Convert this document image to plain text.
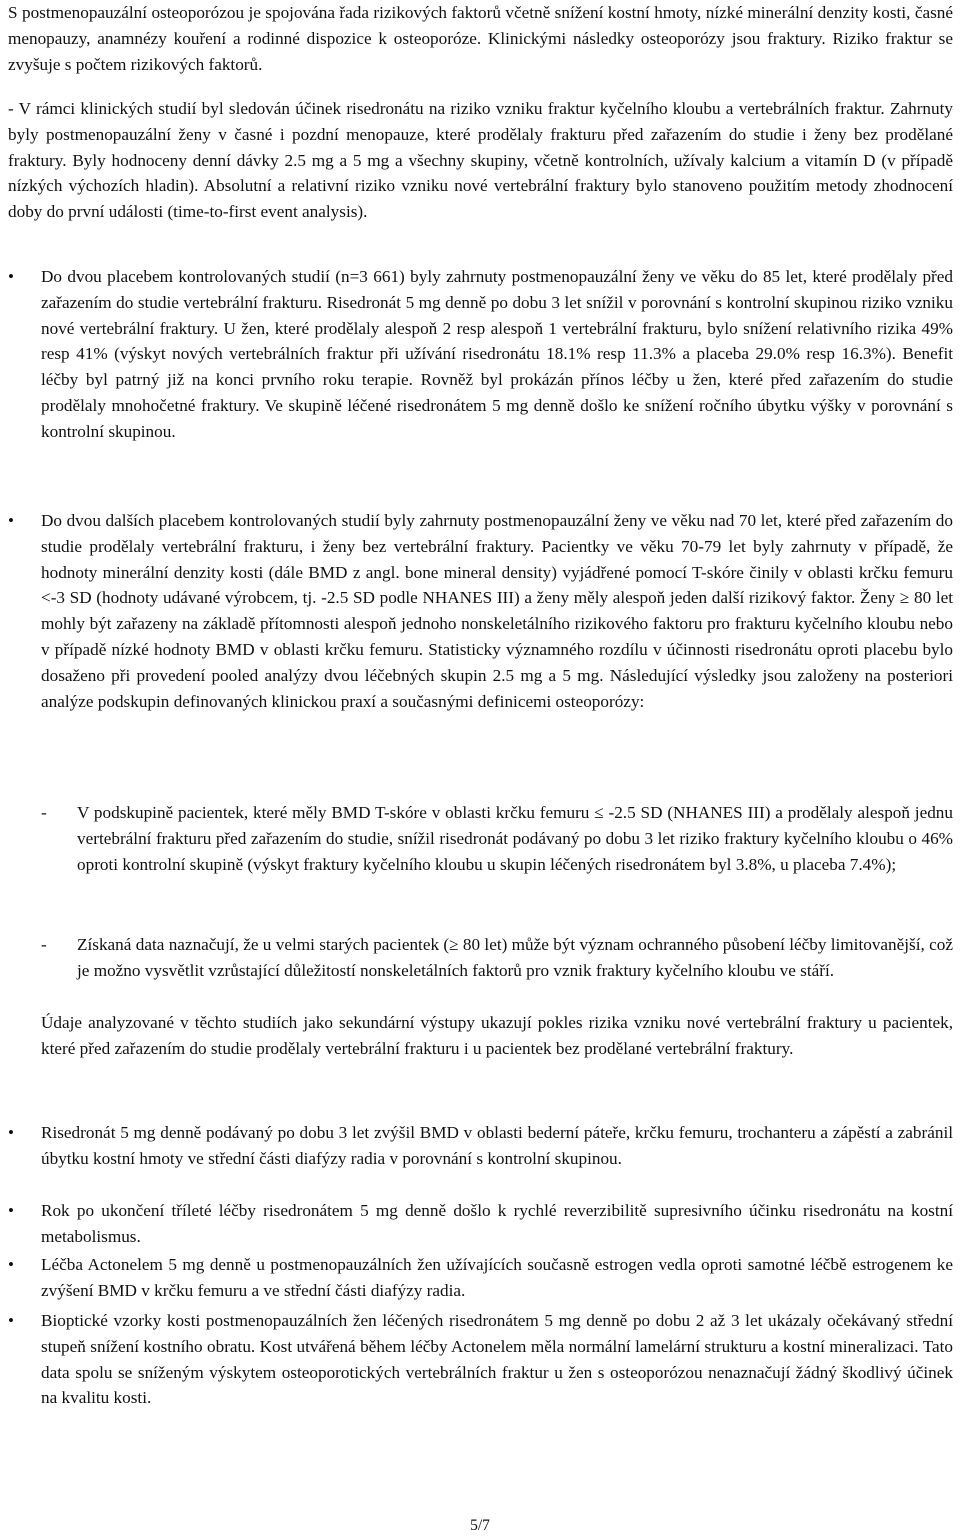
S postmenopauzální osteoporózou je spojována řada rizikových faktorů včetně snížení kostní hmoty, nízké minerální denzity kosti, časné menopauzy, anamnézy kouření a rodinné dispozice k osteoporóze. Klinickými následky osteoporózy jsou fraktury. Riziko fraktur se zvyšuje s počtem rizikových faktorů.

- V rámci klinických studií byl sledován účinek risedronátu na riziko vzniku fraktur kyčelního kloubu a vertebrálních fraktur. Zahrnuty byly postmenopauzální ženy v časné i pozdní menopauze, které prodělaly frakturu před zařazením do studie i ženy bez prodělané fraktury. Byly hodnoceny denní dávky 2.5 mg a 5 mg a všechny skupiny, včetně kontrolních, užívaly kalcium a vitamín D (v případě nízkých výchozích hladin). Absolutní a relativní riziko vzniku nové vertebrální fraktury bylo stanoveno použitím metody zhodnocení doby do první události (time-to-first event analysis).

• Do dvou placebem kontrolovaných studií (n=3 661) byly zahrnuty postmenopauzální ženy ve věku do 85 let, které prodělaly před zařazením do studie vertebrální frakturu. Risedronát 5 mg denně po dobu 3 let snížil v porovnání s kontrolní skupinou riziko vzniku nové vertebrální fraktury. U žen, které prodělaly alespoň 2 resp alespoň 1 vertebrální frakturu, bylo snížení relativního rizika 49% resp 41% (výskyt nových vertebrálních fraktur při užívání risedronátu 18.1% resp 11.3% a placeba 29.0% resp 16.3%). Benefit léčby byl patrný již na konci prvního roku terapie. Rovněž byl prokázán přínos léčby u žen, které před zařazením do studie prodělaly mnohočetné fraktury. Ve skupině léčené risedronátem 5 mg denně došlo ke snížení ročního úbytku výšky v porovnání s kontrolní skupinou.
• Do dvou dalších placebem kontrolovaných studií byly zahrnuty postmenopauzální ženy ve věku nad 70 let, které před zařazením do studie prodělaly vertebrální frakturu, i ženy bez vertebrální fraktury. Pacientky ve věku 70-79 let byly zahrnuty v případě, že hodnoty minerální denzity kosti (dále BMD z angl. bone mineral density) vyjádřené pomocí T-skóre činily v oblasti krčku femuru <-3 SD (hodnoty udávané výrobcem, tj. -2.5 SD podle NHANES III) a ženy měly alespoň jeden další rizikový faktor. Ženy ≥ 80 let mohly být zařazeny na základě přítomnosti alespoň jednoho nonskeletálního rizikového faktoru pro frakturu kyčelního kloubu nebo v případě nízké hodnoty BMD v oblasti krčku femuru. Statisticky významného rozdílu v účinnosti risedronátu oproti placebu bylo dosaženo při provedení pooled analýzy dvou léčebných skupin 2.5 mg a 5 mg. Následující výsledky jsou založeny na posteriori analýze podskupin definovaných klinickou praxí a současnými definicemi osteoporózy:
- V podskupině pacientek, které měly BMD T-skóre v oblasti krčku femuru ≤ -2.5 SD (NHANES III) a prodělaly alespoň jednu vertebrální frakturu před zařazením do studie, snížil risedronát podávaný po dobu 3 let riziko fraktury kyčelního kloubu o 46% oproti kontrolní skupině (výskyt fraktury kyčelního kloubu u skupin léčených risedronátem byl 3.8%, u placeba 7.4%);
- Získaná data naznačují, že u velmi starých pacientek (≥ 80 let) může být význam ochranného působení léčby limitovanější, což je možno vysvětlit vzrůstající důležitostí nonskeletálních faktorů pro vznik fraktury kyčelního kloubu ve stáří.

Údaje analyzované v těchto studiích jako sekundární výstupy ukazují pokles rizika vzniku nové vertebrální fraktury u pacientek, které před zařazením do studie prodělaly vertebrální frakturu i u pacientek bez prodělané vertebrální fraktury.

• Risedronát 5 mg denně podávaný po dobu 3 let zvýšil BMD v oblasti bederní páteře, krčku femuru, trochanteru a zápěstí a zabránil úbytku kostní hmoty ve střední části diafýzy radia v porovnání s kontrolní skupinou.
• Rok po ukončení tříleté léčby risedronátem 5 mg denně došlo k rychlé reverzibilitě supresivního účinku risedronátu na kostní metabolismus.
• Léčba Actonelem 5 mg denně u postmenopauzálních žen užívajících současně estrogen vedla oproti samotné léčbě estrogenem ke zvýšení BMD v krčku femuru a ve střední části diafýzy radia.
• Bioptické vzorky kosti postmenopauzálních žen léčených risedronátem 5 mg denně po dobu 2 až 3 let ukázaly očekávaný střední stupeň snížení kostního obratu. Kost utvářená během léčby Actonelem měla normální lamelární strukturu a kostní mineralizaci. Tato data spolu se sníženým výskytem osteoporotických vertebrálních fraktur u žen s osteoporózou nenaznačují žádný škodlivý účinek na kvalitu kosti.
5/7
